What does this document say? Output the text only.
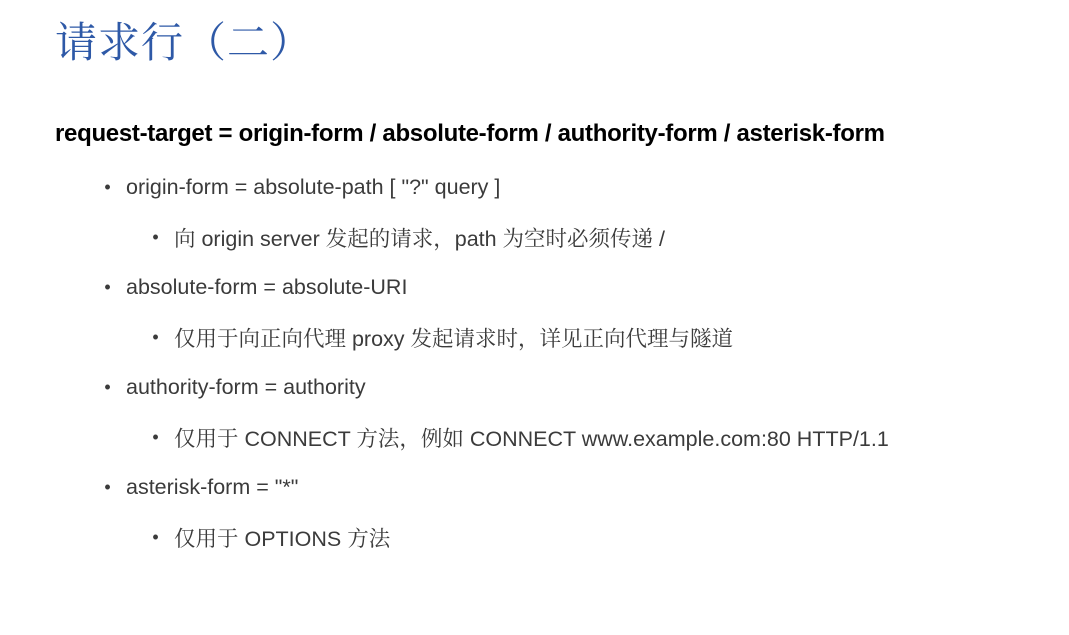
请求行（二）

request-target = origin-form / absolute-form / authority-form / asterisk-form

•
origin-form = absolute-path [ "?" query ]
•
向 origin server 发起的请求，path 为空时必须传递 /
•
absolute-form = absolute-URI
•
仅用于向正向代理 proxy 发起请求时，详见正向代理与隧道
•
authority-form = authority
•
仅用于 CONNECT 方法，例如 CONNECT www.example.com:80 HTTP/1.1
•
asterisk-form = "*"
•
仅用于 OPTIONS 方法
